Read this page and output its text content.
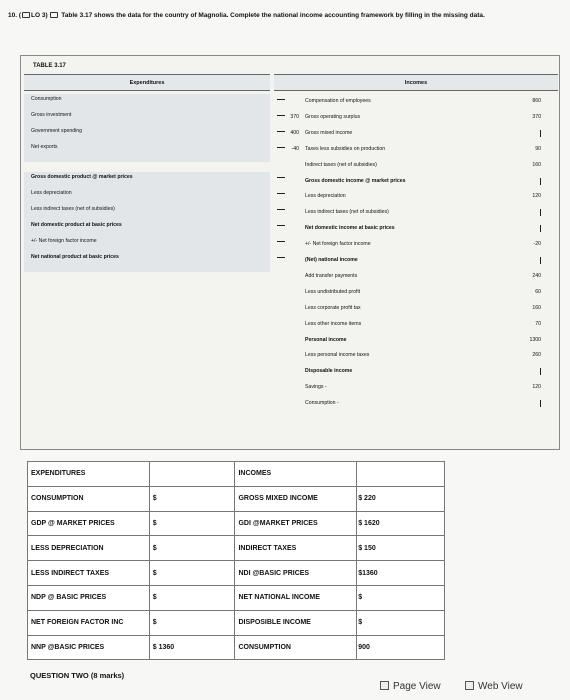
10. ( LO 3) Table 3.17 shows the data for the country of Magnolia. Complete the national income accounting framework by filling in the missing data.
TABLE 3.17
Expenditures	Incomes
Consumption
Gross investment
Government spending
Net exports
Gross domestic product @ market prices
Less depreciation
Less indirect taxes (net of subsidies)
Net domestic product at basic prices
+/- Net foreign factor income
Net national product at basic prices
Compensation of employees	860
370 Gross operating surplus	370
400 Gross mixed income
-40 Taxes less subsidies on production	90
Indirect taxes (net of subsidies)	160
Gross domestic income @ market prices
Less depreciation	120
Less indirect taxes (net of subsidies)
Net domestic income at basic prices
+/- Net foreign factor income	-20
(Net) national income
Add transfer payments	240
Less undistributed profit	60
Less corporate profit tax	160
Less other income items	70
Personal income	1300
Less personal income taxes	260
Disposable income
Savings -	120
Consumption -
EXPENDITURES		INCOMES	
CONSUMPTION	$	GROSS MIXED INCOME	$ 220
GDP @ MARKET PRICES	$	GDI @MARKET PRICES	$ 1620
LESS DEPRECIATION	$	INDIRECT TAXES	$ 150
LESS INDIRECT TAXES	$	NDI @BASIC PRICES	$1360
NDP @ BASIC PRICES	$	NET NATIONAL INCOME	$
NET FOREIGN FACTOR INC	$	DISPOSIBLE INCOME	$
NNP @BASIC PRICES	$ 1360	CONSUMPTION	900
QUESTION TWO (8 marks)
Page View	Web View
